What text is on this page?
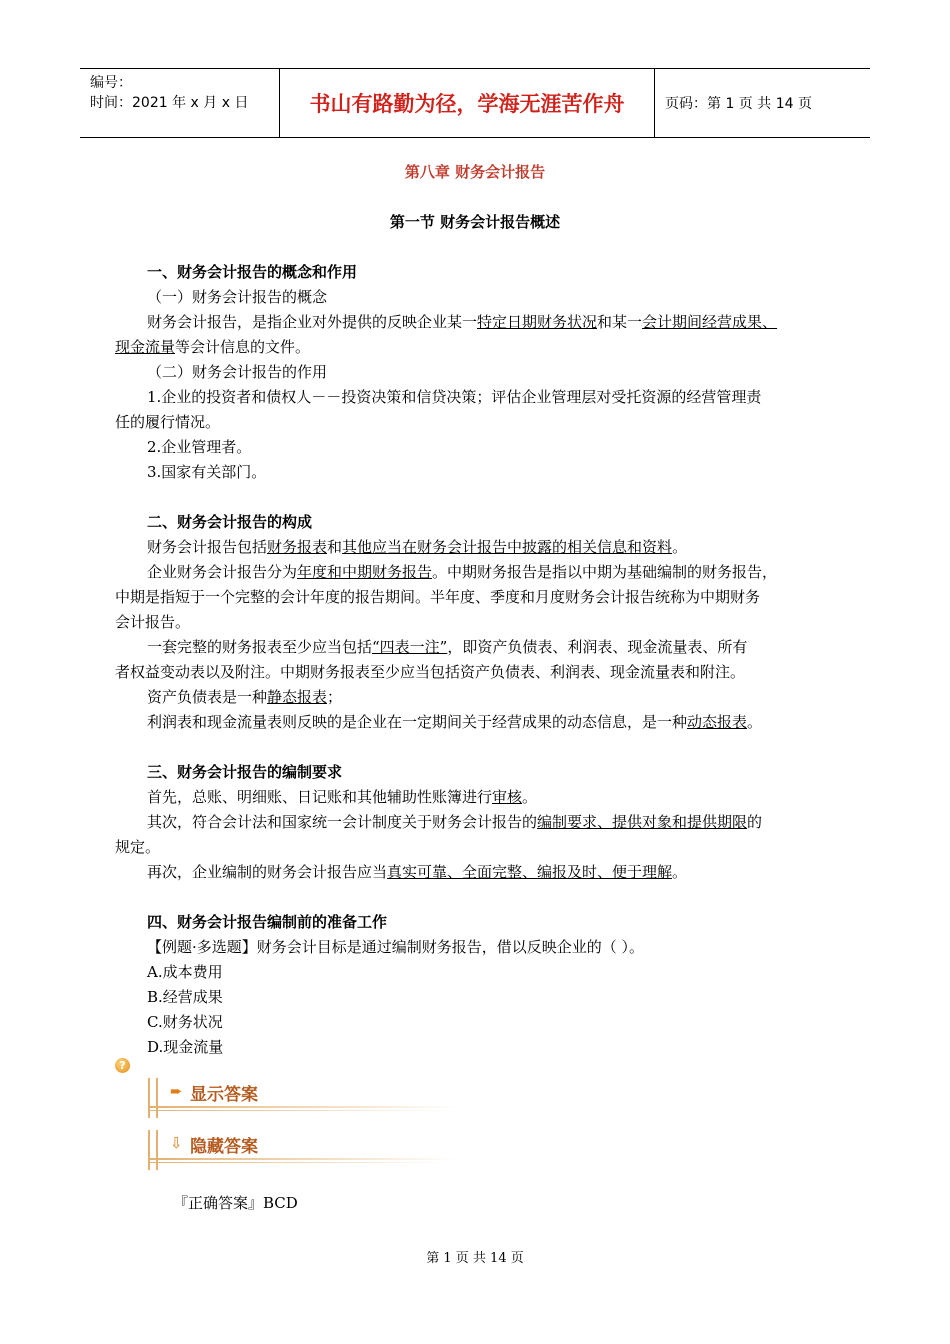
编号：
时间：2021 年 x 月 x 日	书山有路勤为径，学海无涯苦作舟	页码：第 1 页 共 14 页
第八章 财务会计报告
第一节 财务会计报告概述

一、财务会计报告的概念和作用

（一）财务会计报告的概念

财务会计报告，是指企业对外提供的反映企业某一特定日期财务状况和某一会计期间经营成果、

现金流量等会计信息的文件。

（二）财务会计报告的作用

1.企业的投资者和债权人－－投资决策和信贷决策；评估企业管理层对受托资源的经营管理责

任的履行情况。

2.企业管理者。

3.国家有关部门。

二、财务会计报告的构成

财务会计报告包括财务报表和其他应当在财务会计报告中披露的相关信息和资料。

企业财务会计报告分为年度和中期财务报告。中期财务报告是指以中期为基础编制的财务报告，

中期是指短于一个完整的会计年度的报告期间。半年度、季度和月度财务会计报告统称为中期财务

会计报告。

一套完整的财务报表至少应当包括“四表一注”，即资产负债表、利润表、现金流量表、所有

者权益变动表以及附注。中期财务报表至少应当包括资产负债表、利润表、现金流量表和附注。

资产负债表是一种静态报表；

利润表和现金流量表则反映的是企业在一定期间关于经营成果的动态信息，是一种动态报表。

三、财务会计报告的编制要求

首先，总账、明细账、日记账和其他辅助性账簿进行审核。

其次，符合会计法和国家统一会计制度关于财务会计报告的编制要求、提供对象和提供期限的

规定。

再次，企业编制的财务会计报告应当真实可靠、全面完整、编报及时、便于理解。

四、财务会计报告编制前的准备工作

【例题·多选题】财务会计目标是通过编制财务报告，借以反映企业的（ ）。

A.成本费用

B.经营成果

C.财务状况

D.现金流量

?
➨ 显示答案
⇩ 隐藏答案
『正确答案』BCD
第 1 页 共 14 页
